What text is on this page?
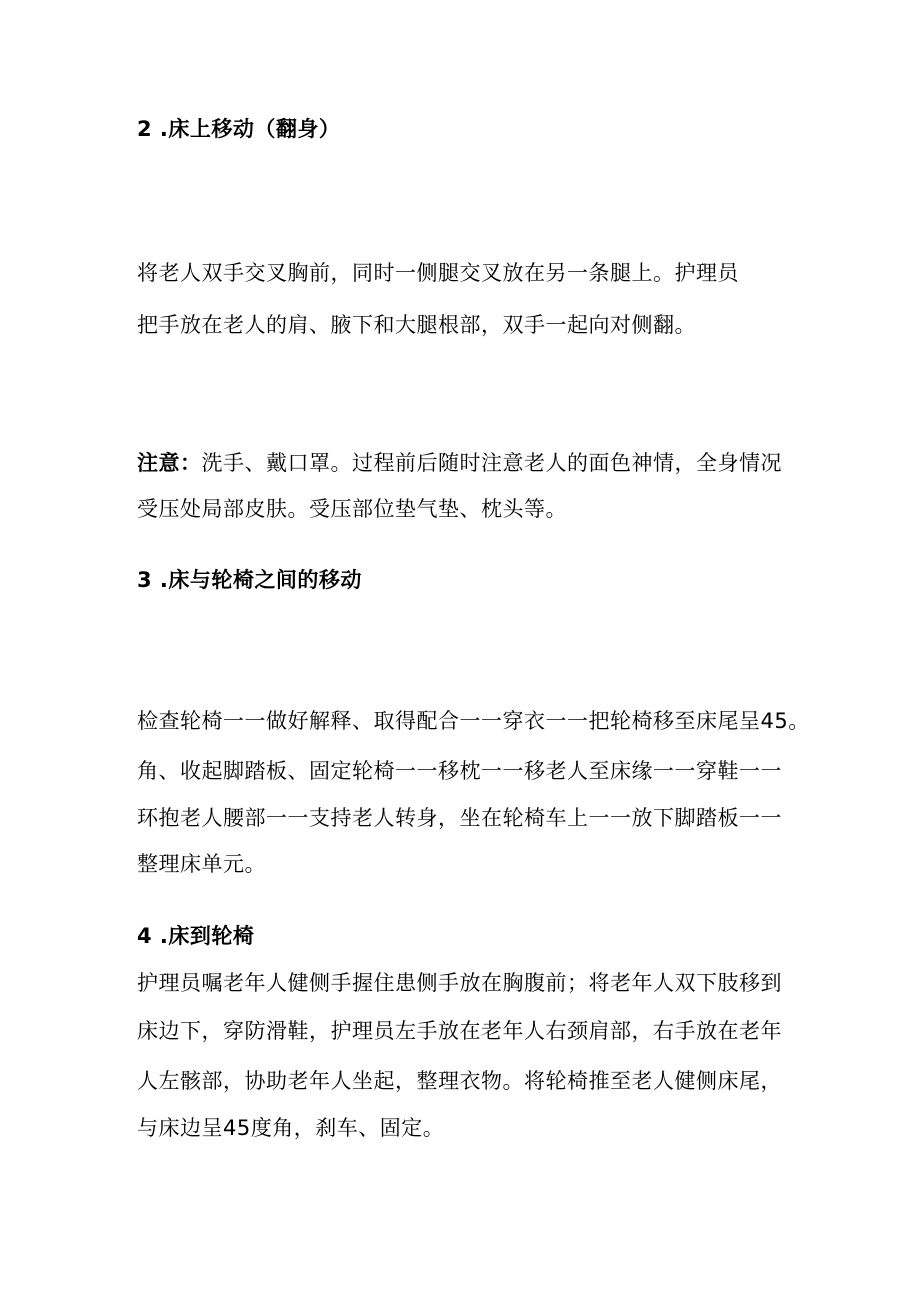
2 .床上移动（翻身）
将老人双手交叉胸前，同时一侧腿交叉放在另一条腿上。护理员
把手放在老人的肩、腋下和大腿根部，双手一起向对侧翻。
注意：洗手、戴口罩。过程前后随时注意老人的面色神情，全身情况
受压处局部皮肤。受压部位垫气垫、枕头等。
3 .床与轮椅之间的移动
检查轮椅一一做好解释、取得配合一一穿衣一一把轮椅移至床尾呈45。
角、收起脚踏板、固定轮椅一一移枕一一移老人至床缘一一穿鞋一一
环抱老人腰部一一支持老人转身，坐在轮椅车上一一放下脚踏板一一
整理床单元。
4 .床到轮椅
护理员嘱老年人健侧手握住患侧手放在胸腹前；将老年人双下肢移到
床边下，穿防滑鞋，护理员左手放在老年人右颈肩部，右手放在老年
人左骸部，协助老年人坐起，整理衣物。将轮椅推至老人健侧床尾，
与床边呈45度角，刹车、固定。
